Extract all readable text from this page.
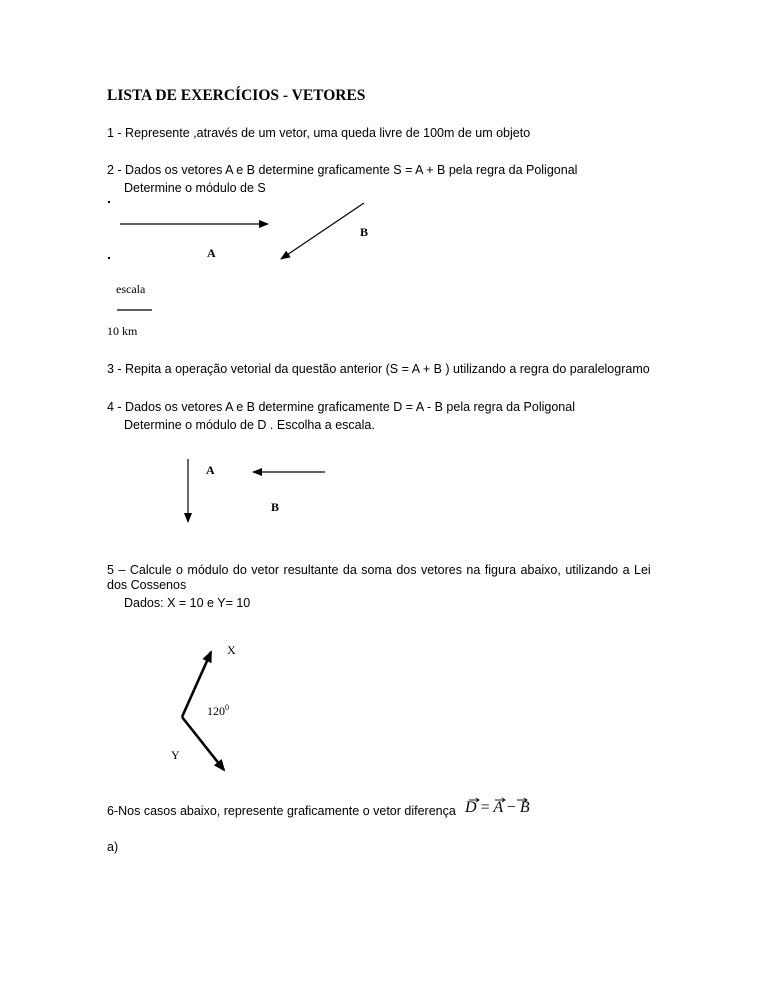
LISTA DE EXERCÍCIOS - VETORES
1 - Represente ,através de um vetor, uma queda livre de 100m de um objeto
2 - Dados os vetores A e B determine graficamente S = A + B pela regra da Poligonal
Determine o módulo de S
A
B
escala
10 km
3 - Repita a operação vetorial da questão anterior (S = A + B ) utilizando a regra do paralelogramo
4 - Dados os vetores A e B determine graficamente D = A - B pela regra da Poligonal
Determine o módulo de D . Escolha a escala.
A
B
5 – Calcule o módulo do vetor resultante da soma dos vetores na figura abaixo, utilizando a Lei
dos Cossenos
Dados: X = 10 e Y= 10
X
Y
$120^0$
6-Nos casos abaixo, represente graficamente o vetor diferença D = A − B
a)
